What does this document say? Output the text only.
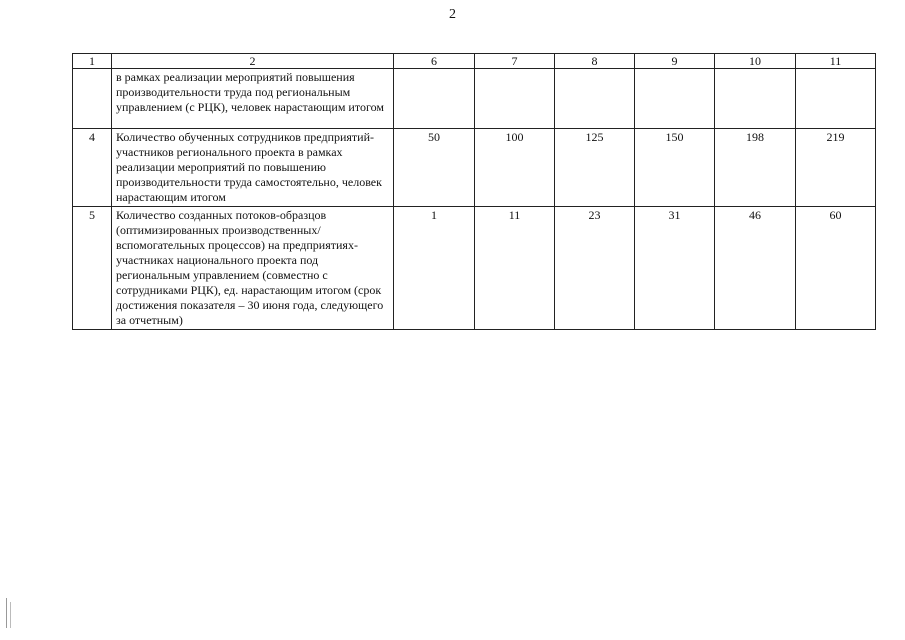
2
1	2	6	7	8	9	10	11
	в рамках реализации мероприятий повышения производительности труда под региональным управлением (с РЦК), человек нарастающим итогом						
4	Количество обученных сотрудников предприятий-участников регионального проекта в рамках реализации мероприятий по повышению производительности труда самостоятельно, человек нарастающим итогом	50	100	125	150	198	219
5	Количество созданных потоков-образцов (оптимизированных производственных/ вспомогательных процессов) на предприятиях-участниках национального проекта под региональным управлением (совместно с сотрудниками РЦК), ед. нарастающим итогом (срок достижения показателя – 30 июня года, следующего за отчетным)	1	11	23	31	46	60
